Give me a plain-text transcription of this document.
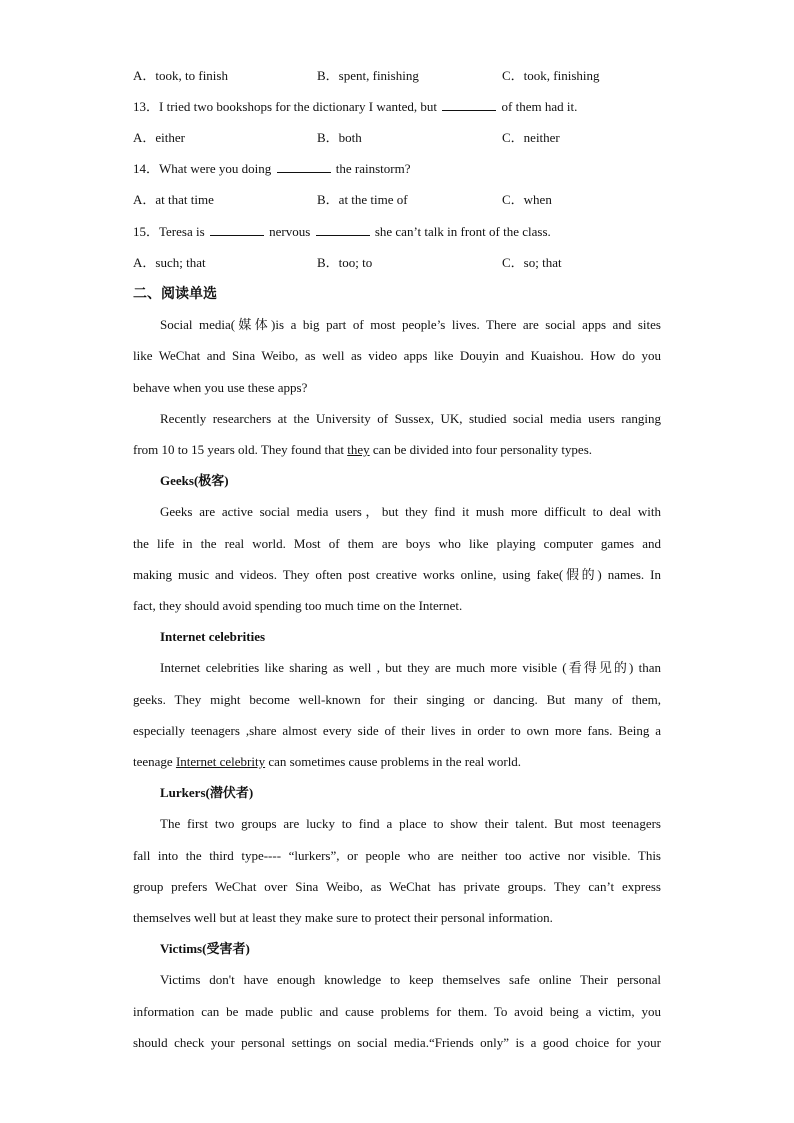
A．took, to finish	B．spent, finishing	C．took, finishing
13．I tried two bookshops for the dictionary I wanted, but	of them had it.
A．either	B．both	C．neither
14．What were you doing	the rainstorm?
A．at that time	B．at the time of	C．when
15．Teresa is	nervous	she can’t talk in front of the class.
A．such; that	B．too; to	C．so; that
二、阅读单选
Social media(媒体)is a big part of most people’s lives. There are social apps and sites
like WeChat and Sina Weibo, as well as video apps like Douyin and Kuaishou. How do you
behave when you use these apps?
Recently researchers at the University of Sussex, UK, studied social media users ranging
from 10 to 15 years old. They found that they can be divided into four personality types.
Geeks(极客)
Geeks are active social media users，but they find it mush more difficult to deal with
the life in the real world. Most of them are boys who like playing computer games and
making music and videos. They often post creative works online, using fake(假的) names. In
fact, they should avoid spending too much time on the Internet.
Internet celebrities
Internet celebrities like sharing as well , but they are much more visible (看得见的) than
geeks. They might become well-known for their singing or dancing. But many of them,
especially teenagers ,share almost every side of their lives in order to own more fans. Being a
teenage Internet celebrity can sometimes cause problems in the real world.
Lurkers(潜伏者)
The first two groups are lucky to find a place to show their talent. But most teenagers
fall into the third type---- “lurkers”, or people who are neither too active nor visible. This
group prefers WeChat over Sina Weibo, as WeChat has private groups. They can’t express
themselves well but at least they make sure to protect their personal information.
Victims(受害者)
Victims don't have enough knowledge to keep themselves safe online Their personal
information can be made public and cause problems for them. To avoid being a victim, you
should check your personal settings on social media.“Friends only” is a good choice for your
